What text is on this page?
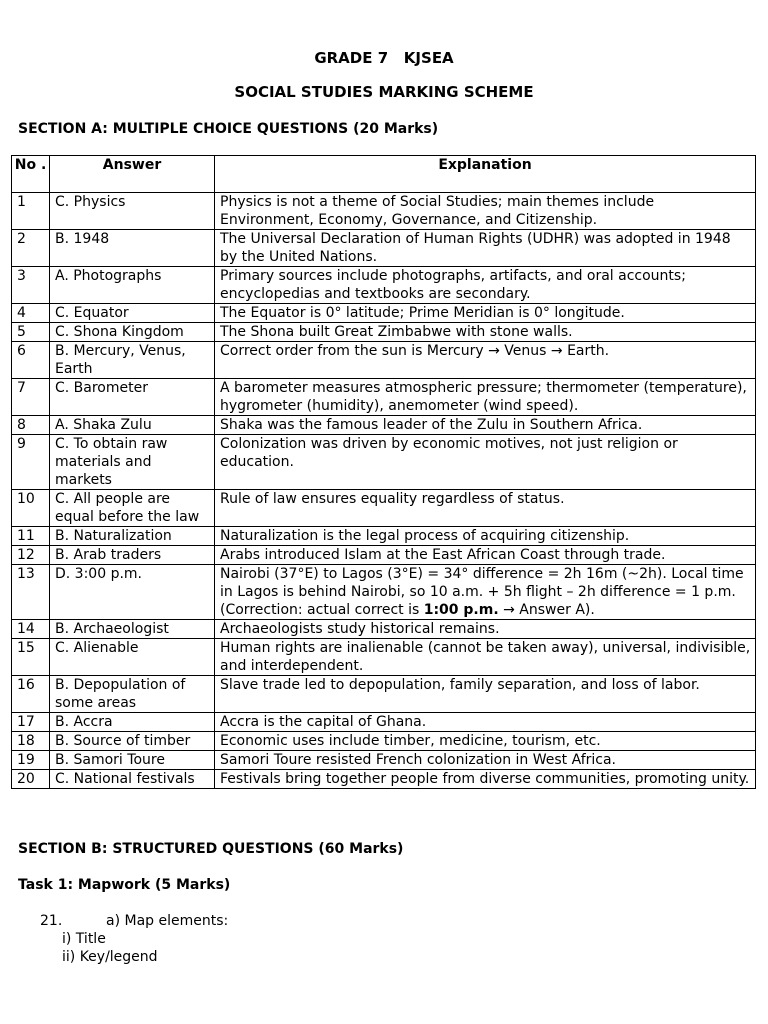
GRADE 7   KJSEA
SOCIAL STUDIES MARKING SCHEME
SECTION A: MULTIPLE CHOICE QUESTIONS (20 Marks)
No .	Answer	Explanation
1	C. Physics	Physics is not a theme of Social Studies; main themes include Environment, Economy, Governance, and Citizenship.
2	B. 1948	The Universal Declaration of Human Rights (UDHR) was adopted in 1948 by the United Nations.
3	A. Photographs	Primary sources include photographs, artifacts, and oral accounts; encyclopedias and textbooks are secondary.
4	C. Equator	The Equator is 0° latitude; Prime Meridian is 0° longitude.
5	C. Shona Kingdom	The Shona built Great Zimbabwe with stone walls.
6	B. Mercury, Venus, Earth	Correct order from the sun is Mercury → Venus → Earth.
7	C. Barometer	A barometer measures atmospheric pressure; thermometer (temperature), hygrometer (humidity), anemometer (wind speed).
8	A. Shaka Zulu	Shaka was the famous leader of the Zulu in Southern Africa.
9	C. To obtain raw materials and markets	Colonization was driven by economic motives, not just religion or education.
10	C. All people are equal before the law	Rule of law ensures equality regardless of status.
11	B. Naturalization	Naturalization is the legal process of acquiring citizenship.
12	B. Arab traders	Arabs introduced Islam at the East African Coast through trade.
13	D. 3:00 p.m.	Nairobi (37°E) to Lagos (3°E) = 34° difference = 2h 16m (~2h). Local time in Lagos is behind Nairobi, so 10 a.m. + 5h flight – 2h difference = 1 p.m. (Correction: actual correct is 1:00 p.m. → Answer A).
14	B. Archaeologist	Archaeologists study historical remains.
15	C. Alienable	Human rights are inalienable (cannot be taken away), universal, indivisible, and interdependent.
16	B. Depopulation of some areas	Slave trade led to depopulation, family separation, and loss of labor.
17	B. Accra	Accra is the capital of Ghana.
18	B. Source of timber	Economic uses include timber, medicine, tourism, etc.
19	B. Samori Toure	Samori Toure resisted French colonization in West Africa.
20	C. National festivals	Festivals bring together people from diverse communities, promoting unity.
SECTION B: STRUCTURED QUESTIONS (60 Marks)
Task 1: Mapwork (5 Marks)
21.	a) Map elements:
i) Title
ii) Key/legend
